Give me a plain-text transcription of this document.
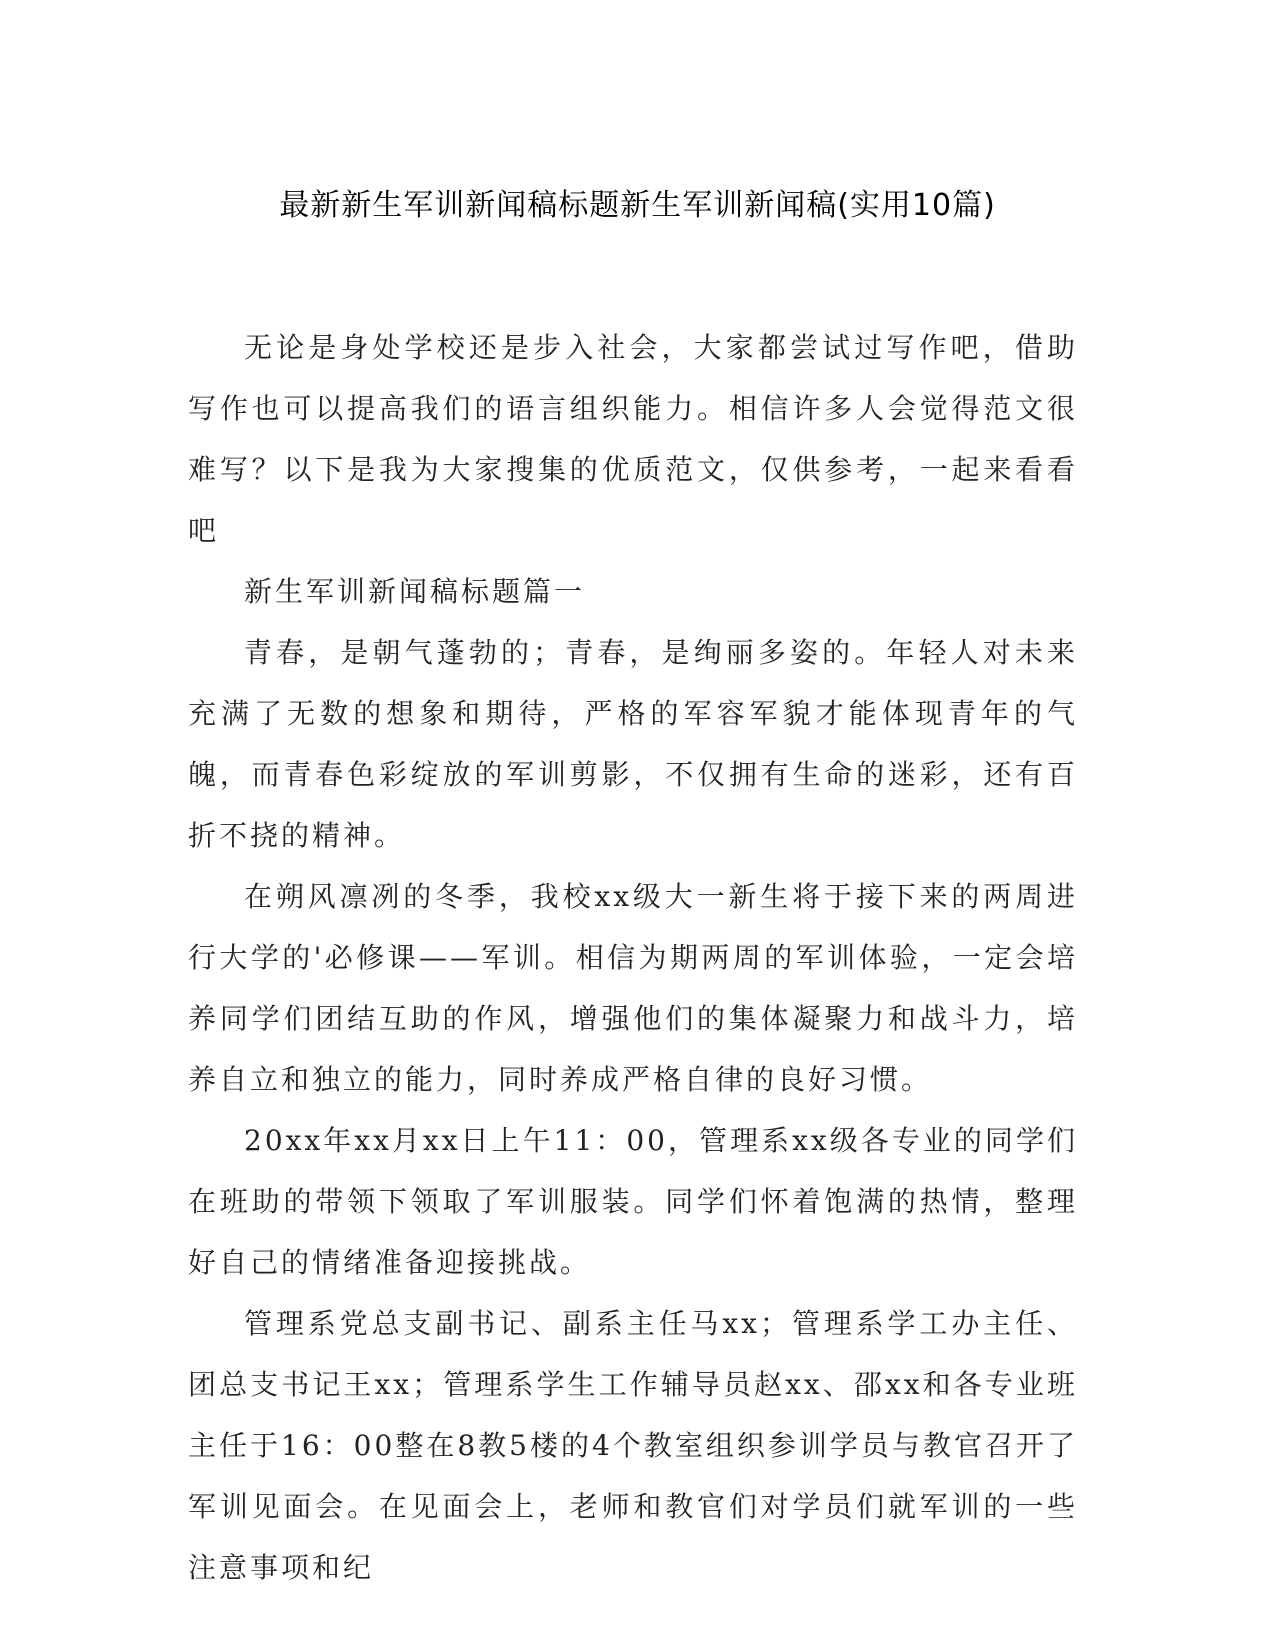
最新新生军训新闻稿标题新生军训新闻稿(实用10篇)

无论是身处学校还是步入社会，大家都尝试过写作吧，借助写作也可以提高我们的语言组织能力。相信许多人会觉得范文很难写？以下是我为大家搜集的优质范文，仅供参考，一起来看看吧

新生军训新闻稿标题篇一

青春，是朝气蓬勃的；青春，是绚丽多姿的。年轻人对未来充满了无数的想象和期待，严格的军容军貌才能体现青年的气魄，而青春色彩绽放的军训剪影，不仅拥有生命的迷彩，还有百折不挠的精神。

在朔风凛冽的冬季，我校xx级大一新生将于接下来的两周进行大学的'必修课——军训。相信为期两周的军训体验，一定会培养同学们团结互助的作风，增强他们的集体凝聚力和战斗力，培养自立和独立的能力，同时养成严格自律的良好习惯。

20xx年xx月xx日上午11：00，管理系xx级各专业的同学们在班助的带领下领取了军训服装。同学们怀着饱满的热情，整理好自己的情绪准备迎接挑战。

管理系党总支副书记、副系主任马xx；管理系学工办主任、团总支书记王xx；管理系学生工作辅导员赵xx、邵xx和各专业班主任于16：00整在8教5楼的4个教室组织参训学员与教官召开了军训见面会。在见面会上，老师和教官们对学员们就军训的一些注意事项和纪
